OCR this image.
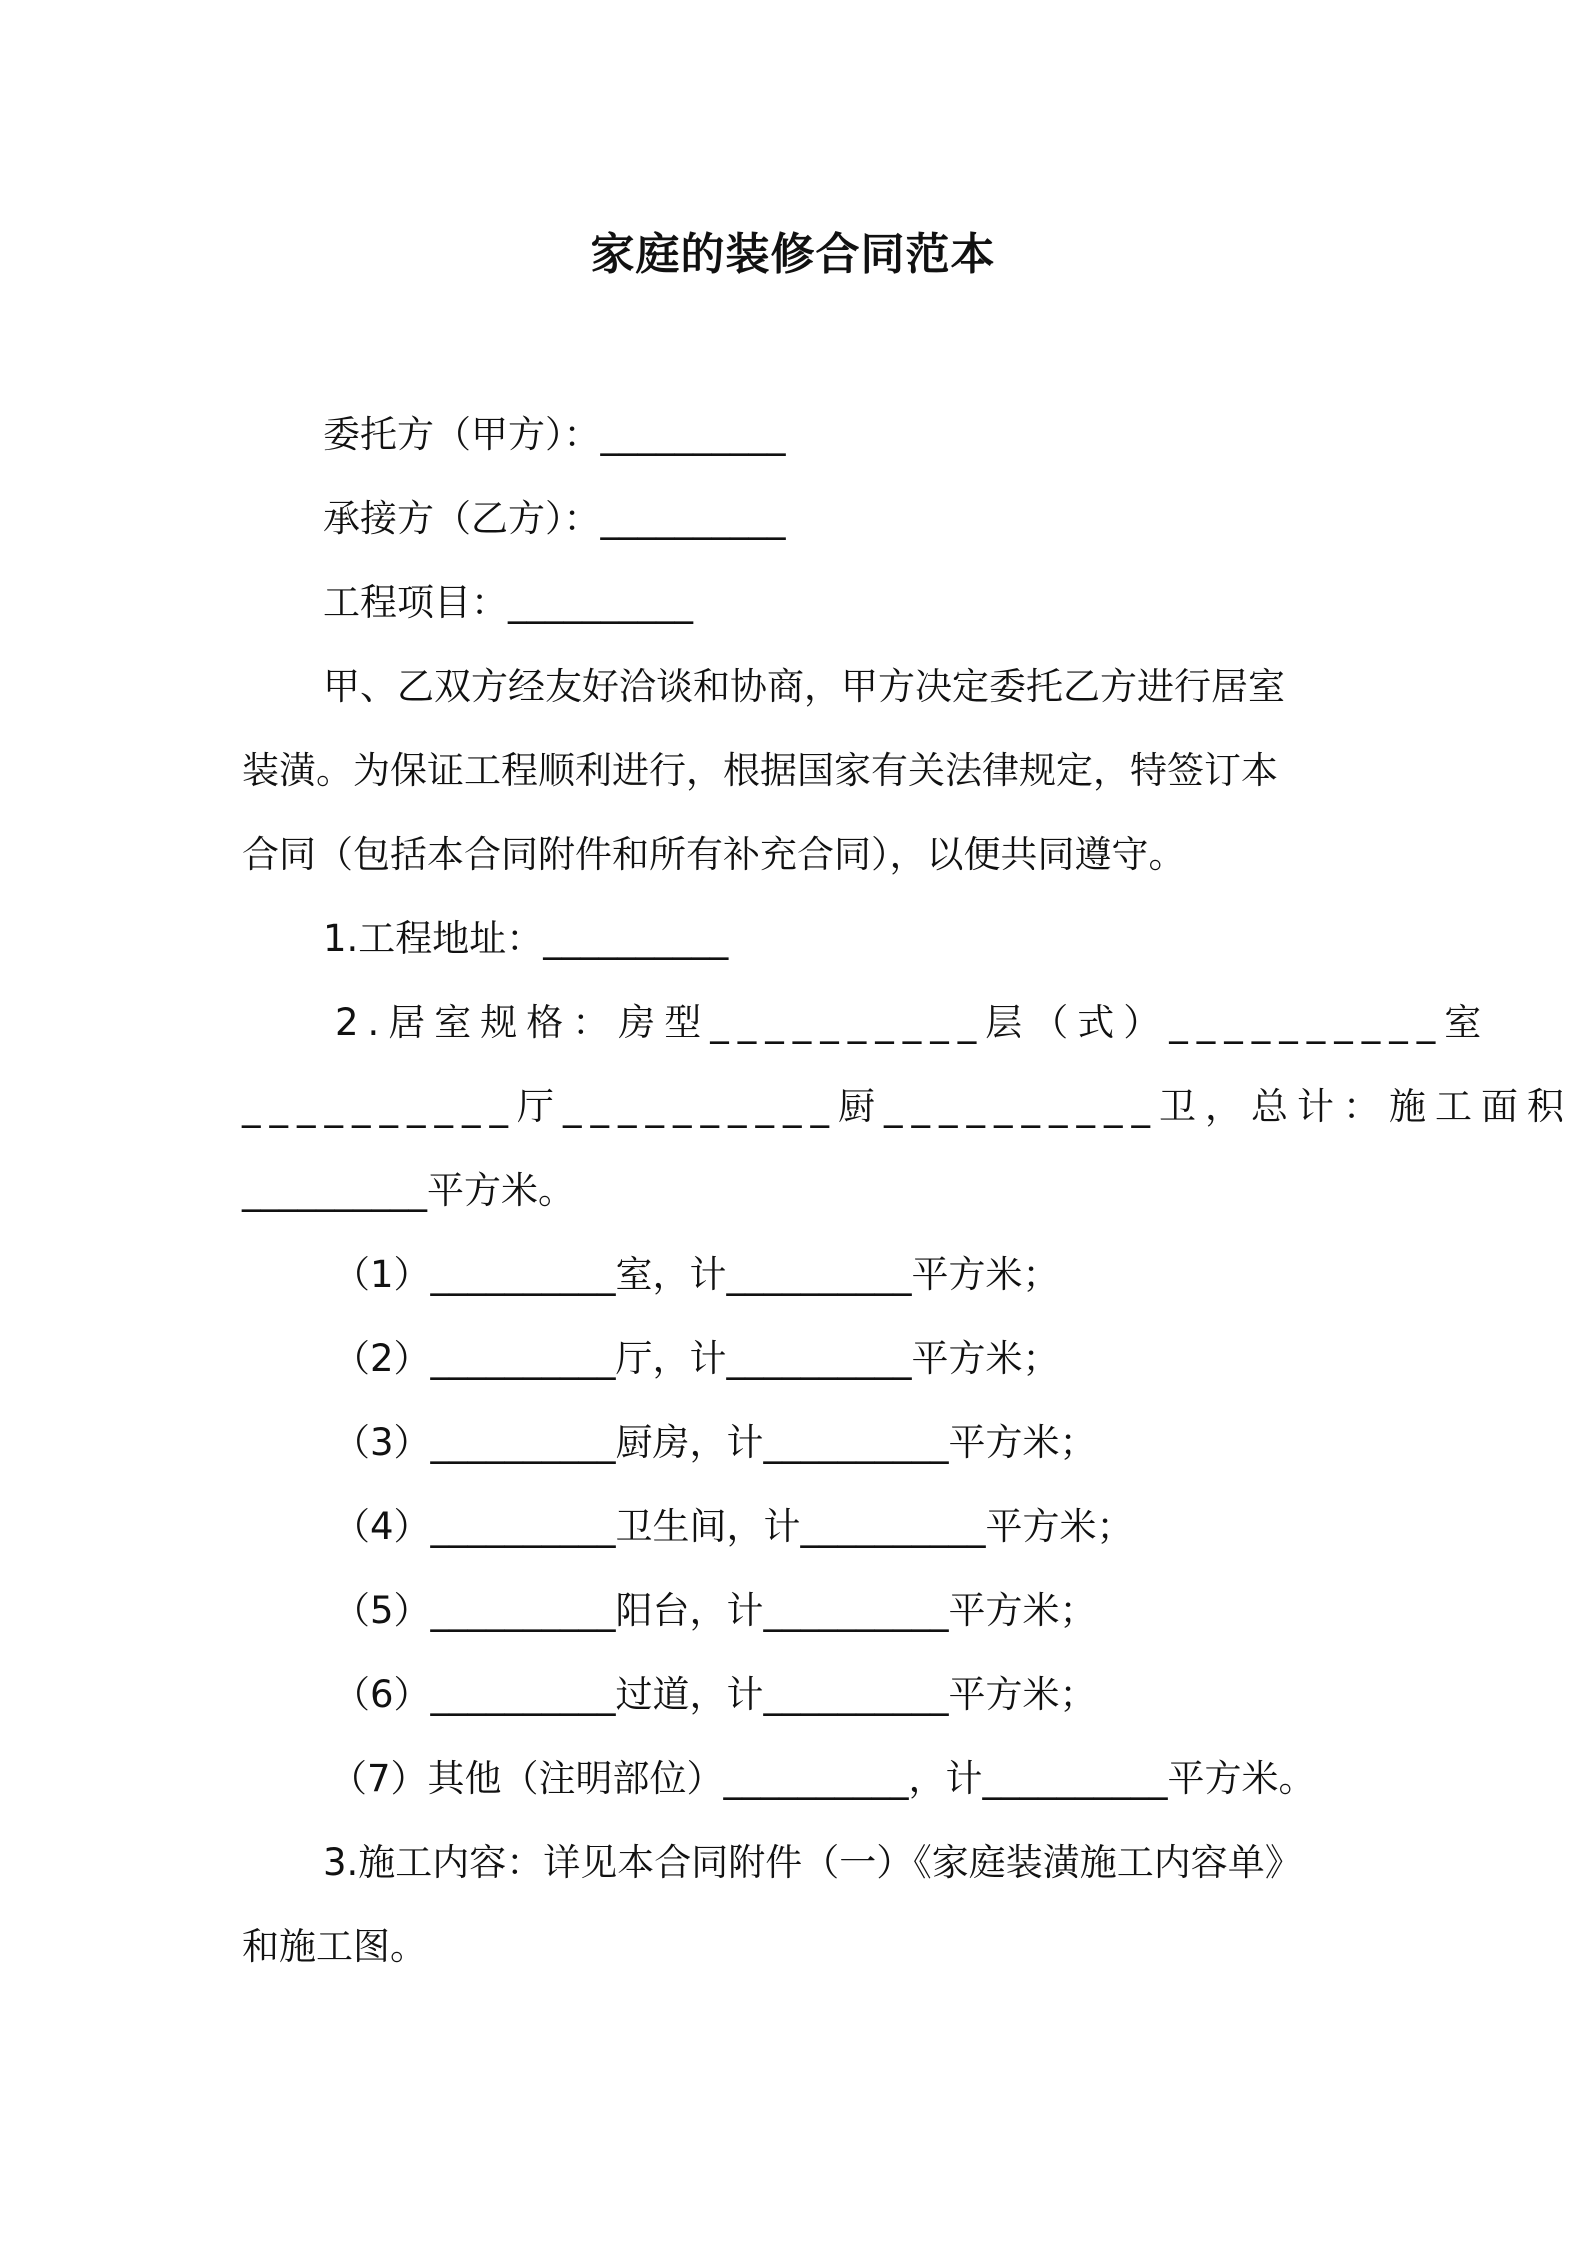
家庭的装修合同范本

委托方（甲方）：__________

承接方（乙方）：__________

工程项目：__________

甲、乙双方经友好洽谈和协商，甲方决定委托乙方进行居室

装潢。为保证工程顺利进行，根据国家有关法律规定，特签订本

合同（包括本合同附件和所有补充合同），以便共同遵守。

1.工程地址：__________

2.居室规格：房型__________层（式）__________室

__________厅__________厨__________卫，总计：施工面积

__________平方米。

（1）__________室，计__________平方米；

（2）__________厅，计__________平方米；

（3）__________厨房，计__________平方米；

（4）__________卫生间，计__________平方米；

（5）__________阳台，计__________平方米；

（6）__________过道，计__________平方米；

（7）其他（注明部位）__________，计__________平方米。

3.施工内容：详见本合同附件（一）《家庭装潢施工内容单》

和施工图。
